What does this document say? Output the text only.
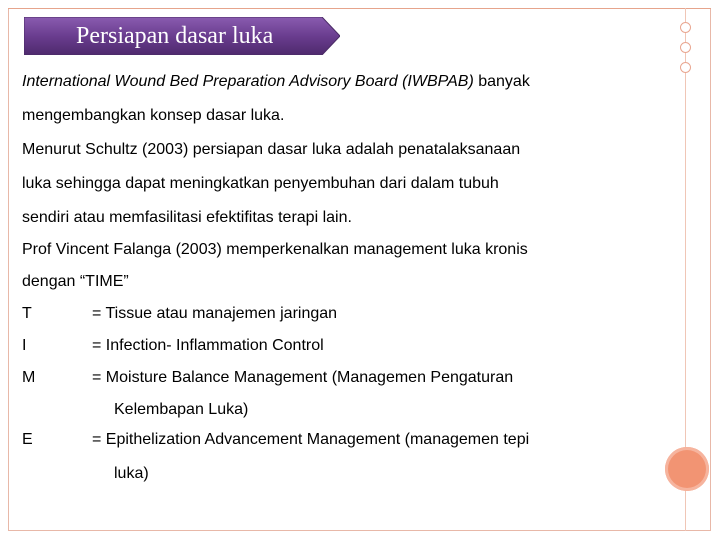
Persiapan dasar luka
International Wound Bed Preparation Advisory Board (IWBPAB) banyak
mengembangkan konsep dasar luka.
Menurut Schultz (2003) persiapan dasar luka adalah penatalaksanaan
luka sehingga dapat meningkatkan penyembuhan dari dalam tubuh
sendiri atau memfasilitasi efektifitas terapi lain.
Prof Vincent Falanga (2003) memperkenalkan management luka kronis
dengan “TIME”
T	= Tissue atau manajemen jaringan
I	= Infection- Inflammation Control
M	= Moisture Balance Management (Managemen Pengaturan
Kelembapan Luka)
E	= Epithelization Advancement Management (managemen tepi
luka)
